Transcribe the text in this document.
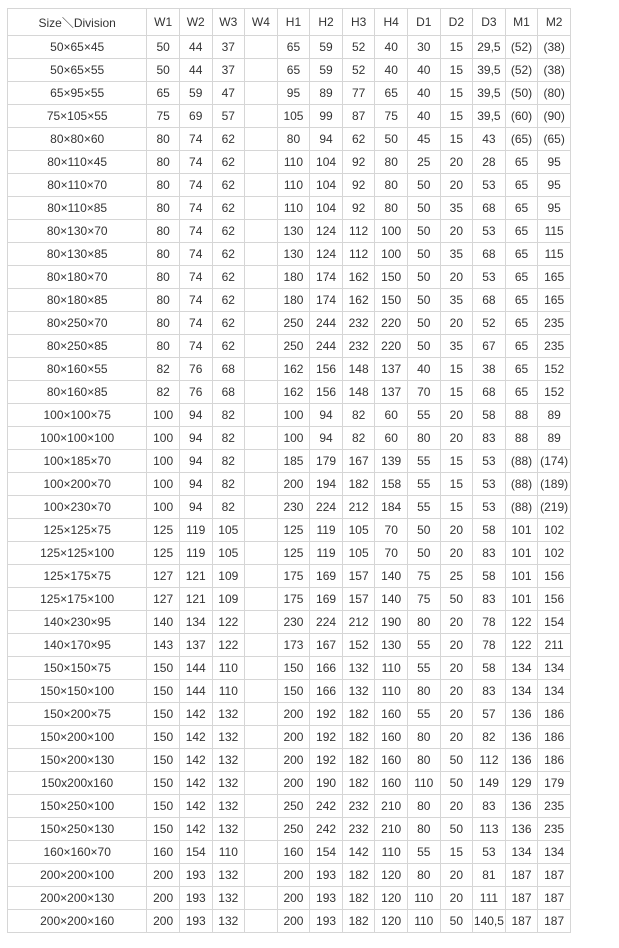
Size＼Division	W1	W2	W3	W4	H1	H2	H3	H4	D1	D2	D3	M1	M2
50×65×45	50	44	37		65	59	52	40	30	15	29,5	(52)	(38)
50×65×55	50	44	37		65	59	52	40	40	15	39,5	(52)	(38)
65×95×55	65	59	47		95	89	77	65	40	15	39,5	(50)	(80)
75×105×55	75	69	57		105	99	87	75	40	15	39,5	(60)	(90)
80×80×60	80	74	62		80	94	62	50	45	15	43	(65)	(65)
80×110×45	80	74	62		110	104	92	80	25	20	28	65	95
80×110×70	80	74	62		110	104	92	80	50	20	53	65	95
80×110×85	80	74	62		110	104	92	80	50	35	68	65	95
80×130×70	80	74	62		130	124	112	100	50	20	53	65	115
80×130×85	80	74	62		130	124	112	100	50	35	68	65	115
80×180×70	80	74	62		180	174	162	150	50	20	53	65	165
80×180×85	80	74	62		180	174	162	150	50	35	68	65	165
80×250×70	80	74	62		250	244	232	220	50	20	52	65	235
80×250×85	80	74	62		250	244	232	220	50	35	67	65	235
80×160×55	82	76	68		162	156	148	137	40	15	38	65	152
80×160×85	82	76	68		162	156	148	137	70	15	68	65	152
100×100×75	100	94	82		100	94	82	60	55	20	58	88	89
100×100×100	100	94	82		100	94	82	60	80	20	83	88	89
100×185×70	100	94	82		185	179	167	139	55	15	53	(88)	(174)
100×200×70	100	94	82		200	194	182	158	55	15	53	(88)	(189)
100×230×70	100	94	82		230	224	212	184	55	15	53	(88)	(219)
125×125×75	125	119	105		125	119	105	70	50	20	58	101	102
125×125×100	125	119	105		125	119	105	70	50	20	83	101	102
125×175×75	127	121	109		175	169	157	140	75	25	58	101	156
125×175×100	127	121	109		175	169	157	140	75	50	83	101	156
140×230×95	140	134	122		230	224	212	190	80	20	78	122	154
140×170×95	143	137	122		173	167	152	130	55	20	78	122	211
150×150×75	150	144	110		150	166	132	110	55	20	58	134	134
150×150×100	150	144	110		150	166	132	110	80	20	83	134	134
150×200×75	150	142	132		200	192	182	160	55	20	57	136	186
150×200×100	150	142	132		200	192	182	160	80	20	82	136	186
150×200×130	150	142	132		200	192	182	160	80	50	112	136	186
150x200x160	150	142	132		200	190	182	160	110	50	149	129	179
150×250×100	150	142	132		250	242	232	210	80	20	83	136	235
150×250×130	150	142	132		250	242	232	210	80	50	113	136	235
160×160×70	160	154	110		160	154	142	110	55	15	53	134	134
200×200×100	200	193	132		200	193	182	120	80	20	81	187	187
200×200×130	200	193	132		200	193	182	120	110	20	111	187	187
200×200×160	200	193	132		200	193	182	120	110	50	140,5	187	187
